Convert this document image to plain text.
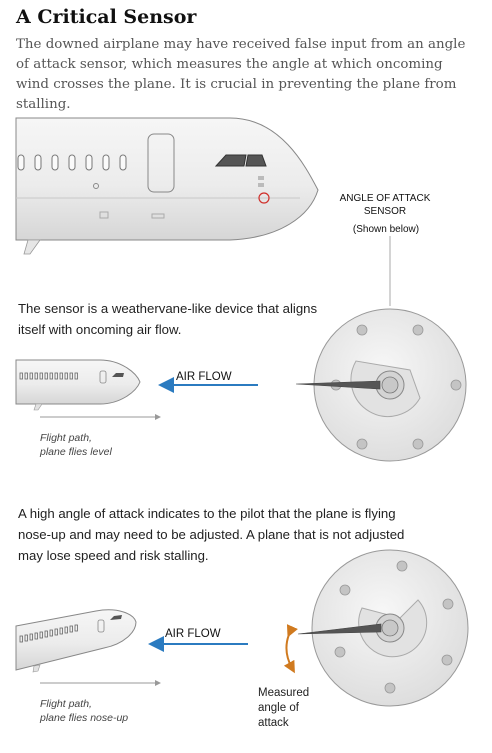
A Critical Sensor
The downed airplane may have received false input from an angle of attack sensor, which measures the angle at which oncoming wind crosses the plane. It is crucial in preventing the plane from stalling.
ANGLE OF ATTACK SENSOR
(Shown below)
The sensor is a weathervane-like device that aligns itself with oncoming air flow.
AIR FLOW
Flight path,
plane flies level
A high angle of attack indicates to the pilot that the plane is flying nose-up and may need to be adjusted. A plane that is not adjusted may lose speed and risk stalling.
AIR FLOW
Flight path,
plane flies nose-up
Measured
angle of
attack
